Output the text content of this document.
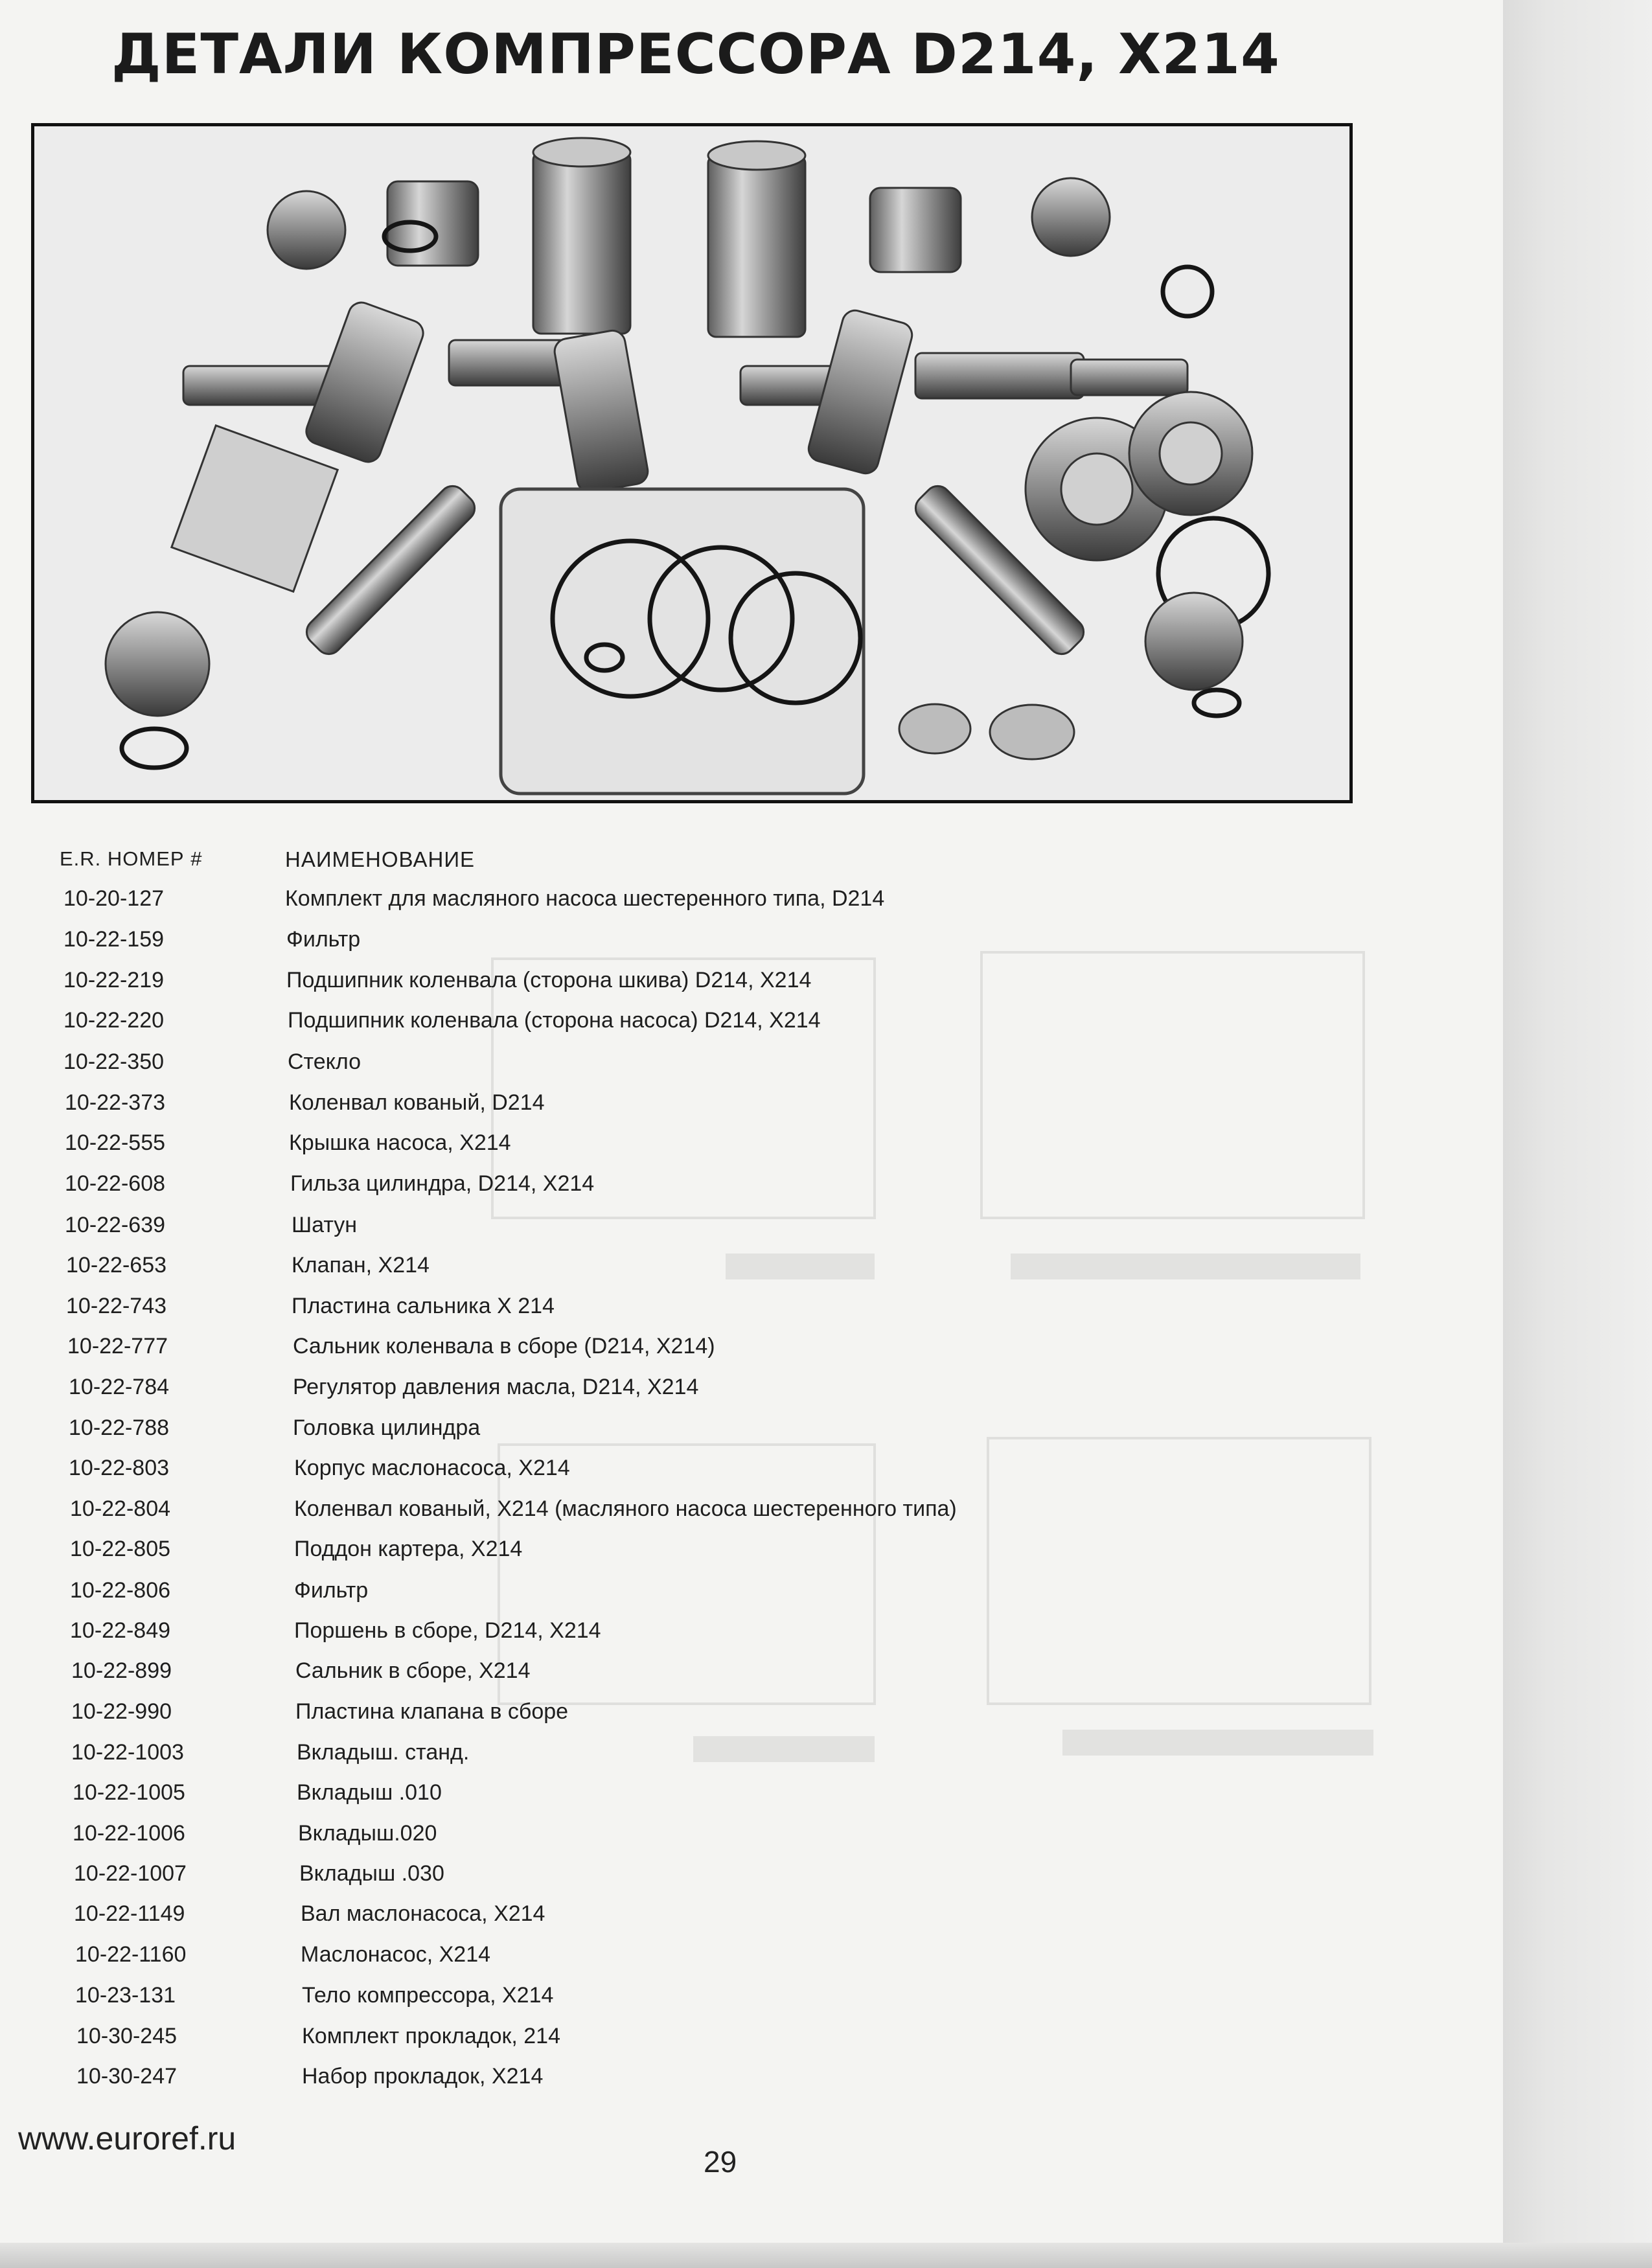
ДЕТАЛИ КОМПРЕССОРА D214, X214
E.R. НОМЕР #	НАИМЕНОВАНИЕ
10-20-127	Комплект для масляного насоса шестеренного типа, D214
10-22-159	Фильтр
10-22-219	Подшипник коленвала (сторона шкива) D214, X214
10-22-220	Подшипник коленвала (сторона насоса) D214, X214
10-22-350	Стекло
10-22-373	Коленвал кованый, D214
10-22-555	Крышка насоса, X214
10-22-608	Гильза цилиндра, D214, X214
10-22-639	Шатун
10-22-653	Клапан, X214
10-22-743	Пластина сальника X 214
10-22-777	Сальник коленвала в сборе (D214, X214)
10-22-784	Регулятор давления масла, D214, X214
10-22-788	Головка цилиндра
10-22-803	Корпус маслонасоса, X214
10-22-804	Коленвал кованый, X214 (масляного насоса шестеренного типа)
10-22-805	Поддон картера, X214
10-22-806	Фильтр
10-22-849	Поршень в сборе, D214, X214
10-22-899	Сальник в сборе, X214
10-22-990	Пластина клапана в сборе
10-22-1003	Вкладыш. станд.
10-22-1005	Вкладыш .010
10-22-1006	Вкладыш.020
10-22-1007	Вкладыш .030
10-22-1149	Вал маслонасоса, X214
10-22-1160	Маслонасос, X214
10-23-131	Тело компрессора, X214
10-30-245	Комплект прокладок, 214
10-30-247	Набор прокладок, X214

www.euroref.ru

29
